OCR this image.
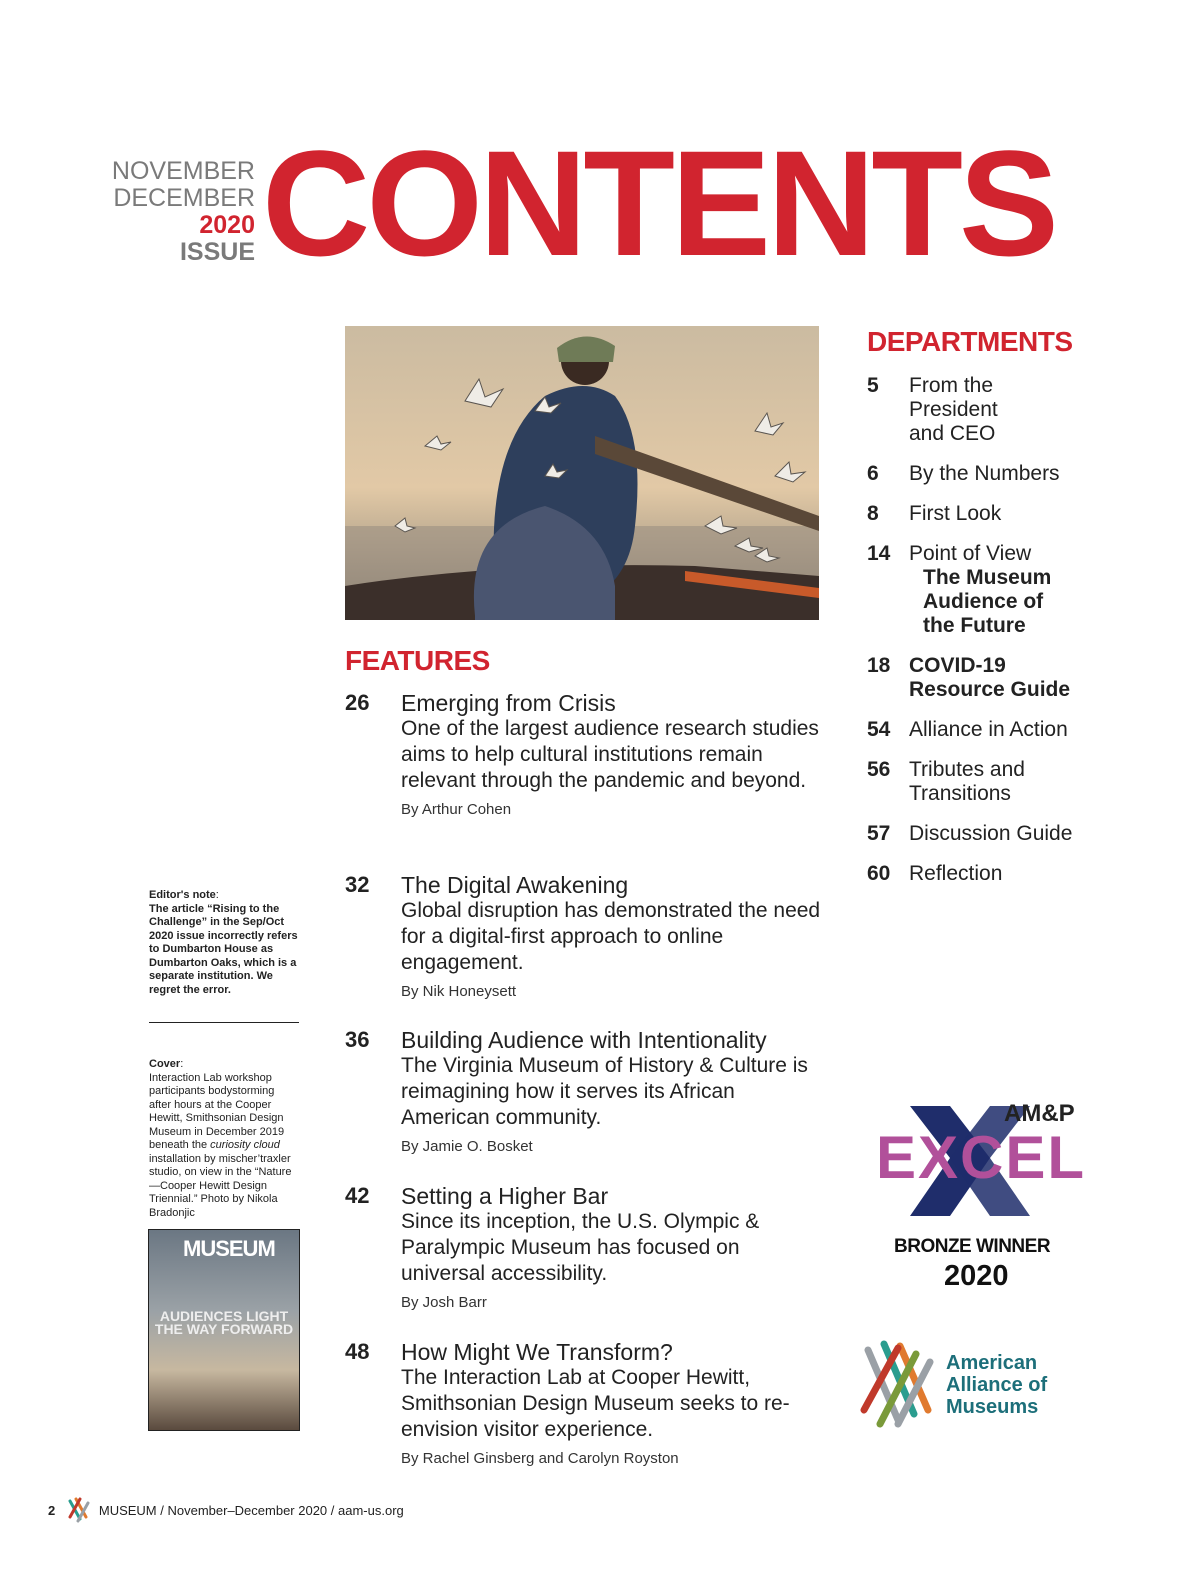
NOVEMBER
DECEMBER
2020
ISSUE CONTENTS
FEATURES
26 Emerging from Crisis
One of the largest audience research studies aims to help cultural institutions remain relevant through the pandemic and beyond.
By Arthur Cohen
32 The Digital Awakening
Global disruption has demonstrated the need for a digital-first approach to online engagement.
By Nik Honeysett
36 Building Audience with Intentionality
The Virginia Museum of History & Culture is reimagining how it serves its African American community.
By Jamie O. Bosket
42 Setting a Higher Bar
Since its inception, the U.S. Olympic & Paralympic Museum has focused on universal accessibility.
By Josh Barr
48 How Might We Transform?
The Interaction Lab at Cooper Hewitt, Smithsonian Design Museum seeks to re-envision visitor experience.
By Rachel Ginsberg and Carolyn Royston
DEPARTMENTS
5 From the President and CEO
6 By the Numbers
8 First Look
14 Point of View
The Museum Audience of the Future
18 COVID-19 Resource Guide
54 Alliance in Action
56 Tributes and Transitions
57 Discussion Guide
60 Reflection
Editor's note:
The article “Rising to the Challenge” in the Sep/Oct 2020 issue incorrectly refers to Dumbarton House as Dumbarton Oaks, which is a separate institution. We regret the error.
Cover:
Interaction Lab workshop participants bodystorming after hours at the Cooper Hewitt, Smithsonian Design Museum in December 2019 beneath the curiosity cloud installation by mischer’traxler studio, on view in the “Nature—Cooper Hewitt Design Triennial.” Photo by Nikola Bradonjic
MUSEUM
AUDIENCES LIGHT THE WAY FORWARD
AM&P
EXCEL
BRONZE WINNER
2020
American
Alliance of
Museums
2	MUSEUM / November–December 2020 / aam-us.org
